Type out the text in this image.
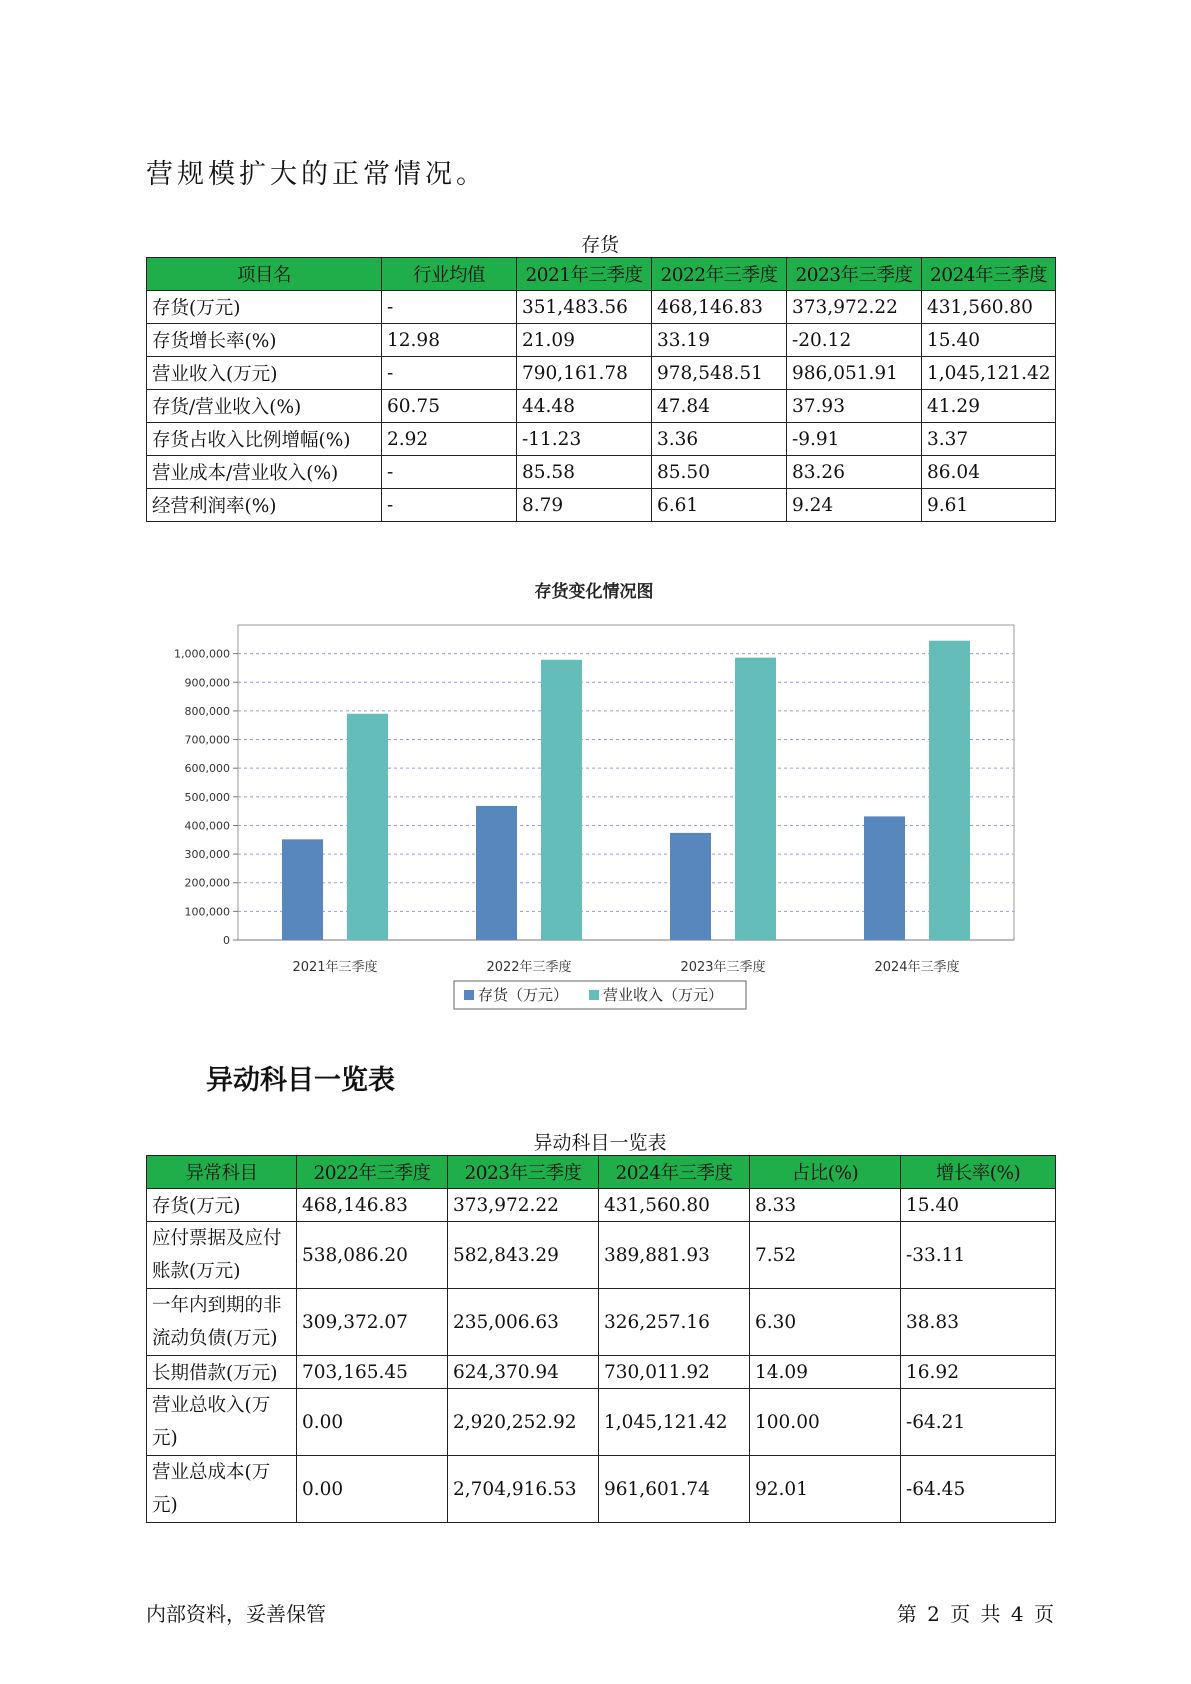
营规模扩大的正常情况。
存货
项目名	行业均值	2021年三季度	2022年三季度	2023年三季度	2024年三季度
存货(万元)	-	351,483.56	468,146.83	373,972.22	431,560.80
存货增长率(%)	12.98	21.09	33.19	-20.12	15.40
营业收入(万元)	-	790,161.78	978,548.51	986,051.91	1,045,121.42
存货/营业收入(%)	60.75	44.48	47.84	37.93	41.29
存货占收入比例增幅(%)	2.92	-11.23	3.36	-9.91	3.37
营业成本/营业收入(%)	-	85.58	85.50	83.26	86.04
经营利润率(%)	-	8.79	6.61	9.24	9.61
存货变化情况图
0
100,000
200,000
300,000
400,000
500,000
600,000
700,000
800,000
900,000
1,000,000
2021年三季度	2022年三季度	2023年三季度	2024年三季度
存货（万元） 营业收入（万元）
异动科目一览表
异动科目一览表
异常科目	2022年三季度	2023年三季度	2024年三季度	占比(%)	增长率(%)
存货(万元)	468,146.83	373,972.22	431,560.80	8.33	15.40
应付票据及应付账款(万元)	538,086.20	582,843.29	389,881.93	7.52	-33.11
一年内到期的非流动负债(万元)	309,372.07	235,006.63	326,257.16	6.30	38.83
长期借款(万元)	703,165.45	624,370.94	730,011.92	14.09	16.92
营业总收入(万元)	0.00	2,920,252.92	1,045,121.42	100.00	-64.21
营业总成本(万元)	0.00	2,704,916.53	961,601.74	92.01	-64.45
内部资料，妥善保管	第 2 页 共 4 页
